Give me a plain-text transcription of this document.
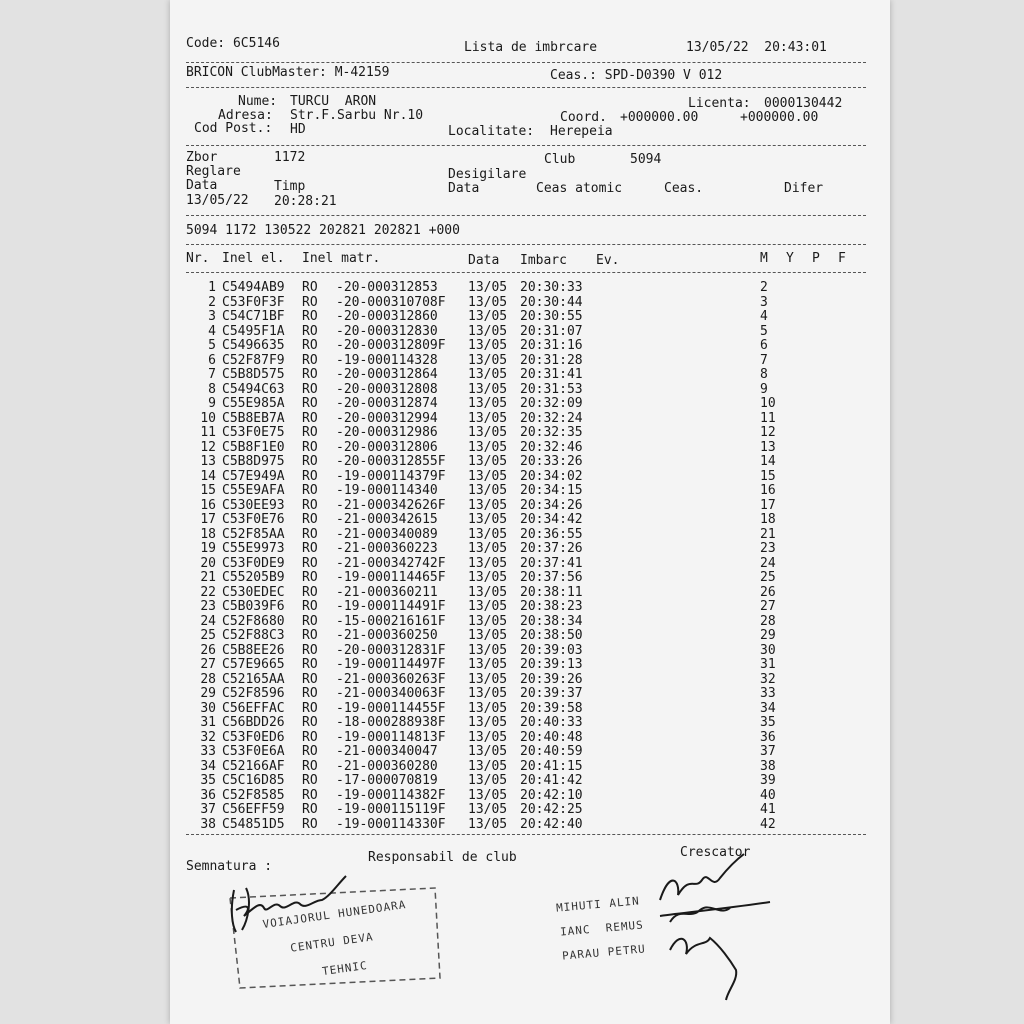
Code: 6C5146	Lista de imbrcare	13/05/22  20:43:01
BRICON ClubMaster: M-42159	Ceas.: SPD-D0390 V 012
Nume: TURCU  ARON	Licenta: 0000130442
Adresa: Str.F.Sarbu Nr.10	Coord. +000000.00	+000000.00
Cod Post.: HD	Localitate: Herepeia
Zbor	1172	Club	5094
Reglare	Desigilare
Data	Timp	Data	Ceas atomic	Ceas.	Difer
13/05/22 20:28:21
5094 1172 130522 202821 202821 +000
Nr. Inel el. Inel matr.	Data Imbarc Ev.	M Y P F
1 C5494AB9 RO -20-000312853 13/05 20:30:33	2
2 C53F0F3F RO -20-000310708F 13/05 20:30:44	3
3 C54C71BF RO -20-000312860 13/05 20:30:55	4
4 C5495F1A RO -20-000312830 13/05 20:31:07	5
5 C5496635 RO -20-000312809F 13/05 20:31:16	6
6 C52F87F9 RO -19-000114328 13/05 20:31:28	7
7 C5B8D575 RO -20-000312864 13/05 20:31:41	8
8 C5494C63 RO -20-000312808 13/05 20:31:53	9
9 C55E985A RO -20-000312874 13/05 20:32:09	10
10 C5B8EB7A RO -20-000312994 13/05 20:32:24	11
11 C53F0E75 RO -20-000312986 13/05 20:32:35	12
12 C5B8F1E0 RO -20-000312806 13/05 20:32:46	13
13 C5B8D975 RO -20-000312855F 13/05 20:33:26	14
14 C57E949A RO -19-000114379F 13/05 20:34:02	15
15 C55E9AFA RO -19-000114340 13/05 20:34:15	16
16 C530EE93 RO -21-000342626F 13/05 20:34:26	17
17 C53F0E76 RO -21-000342615 13/05 20:34:42	18
18 C52F85AA RO -21-000340089 13/05 20:36:55	21
19 C55E9973 RO -21-000360223 13/05 20:37:26	23
20 C53F0DE9 RO -21-000342742F 13/05 20:37:41	24
21 C55205B9 RO -19-000114465F 13/05 20:37:56	25
22 C530EDEC RO -21-000360211 13/05 20:38:11	26
23 C5B039F6 RO -19-000114491F 13/05 20:38:23	27
24 C52F8680 RO -15-000216161F 13/05 20:38:34	28
25 C52F88C3 RO -21-000360250 13/05 20:38:50	29
26 C5B8EE26 RO -20-000312831F 13/05 20:39:03	30
27 C57E9665 RO -19-000114497F 13/05 20:39:13	31
28 C52165AA RO -21-000360263F 13/05 20:39:26	32
29 C52F8596 RO -21-000340063F 13/05 20:39:37	33
30 C56EFFAC RO -19-000114455F 13/05 20:39:58	34
31 C56BDD26 RO -18-000288938F 13/05 20:40:33	35
32 C53F0ED6 RO -19-000114813F 13/05 20:40:48	36
33 C53F0E6A RO -21-000340047 13/05 20:40:59	37
34 C52166AF RO -21-000360280 13/05 20:41:15	38
35 C5C16D85 RO -17-000070819 13/05 20:41:42	39
36 C52F8585 RO -19-000114382F 13/05 20:42:10	40
37 C56EFF59 RO -19-000115119F 13/05 20:42:25	41
38 C54851D5 RO -19-000114330F 13/05 20:42:40	42
Semnatura :
Responsabil de club	Crescator
VOIAJORUL HUNEDOARA
CENTRU DEVA
TEHNIC
MIHUTI ALIN
IANC  REMUS
PARAU PETRU
